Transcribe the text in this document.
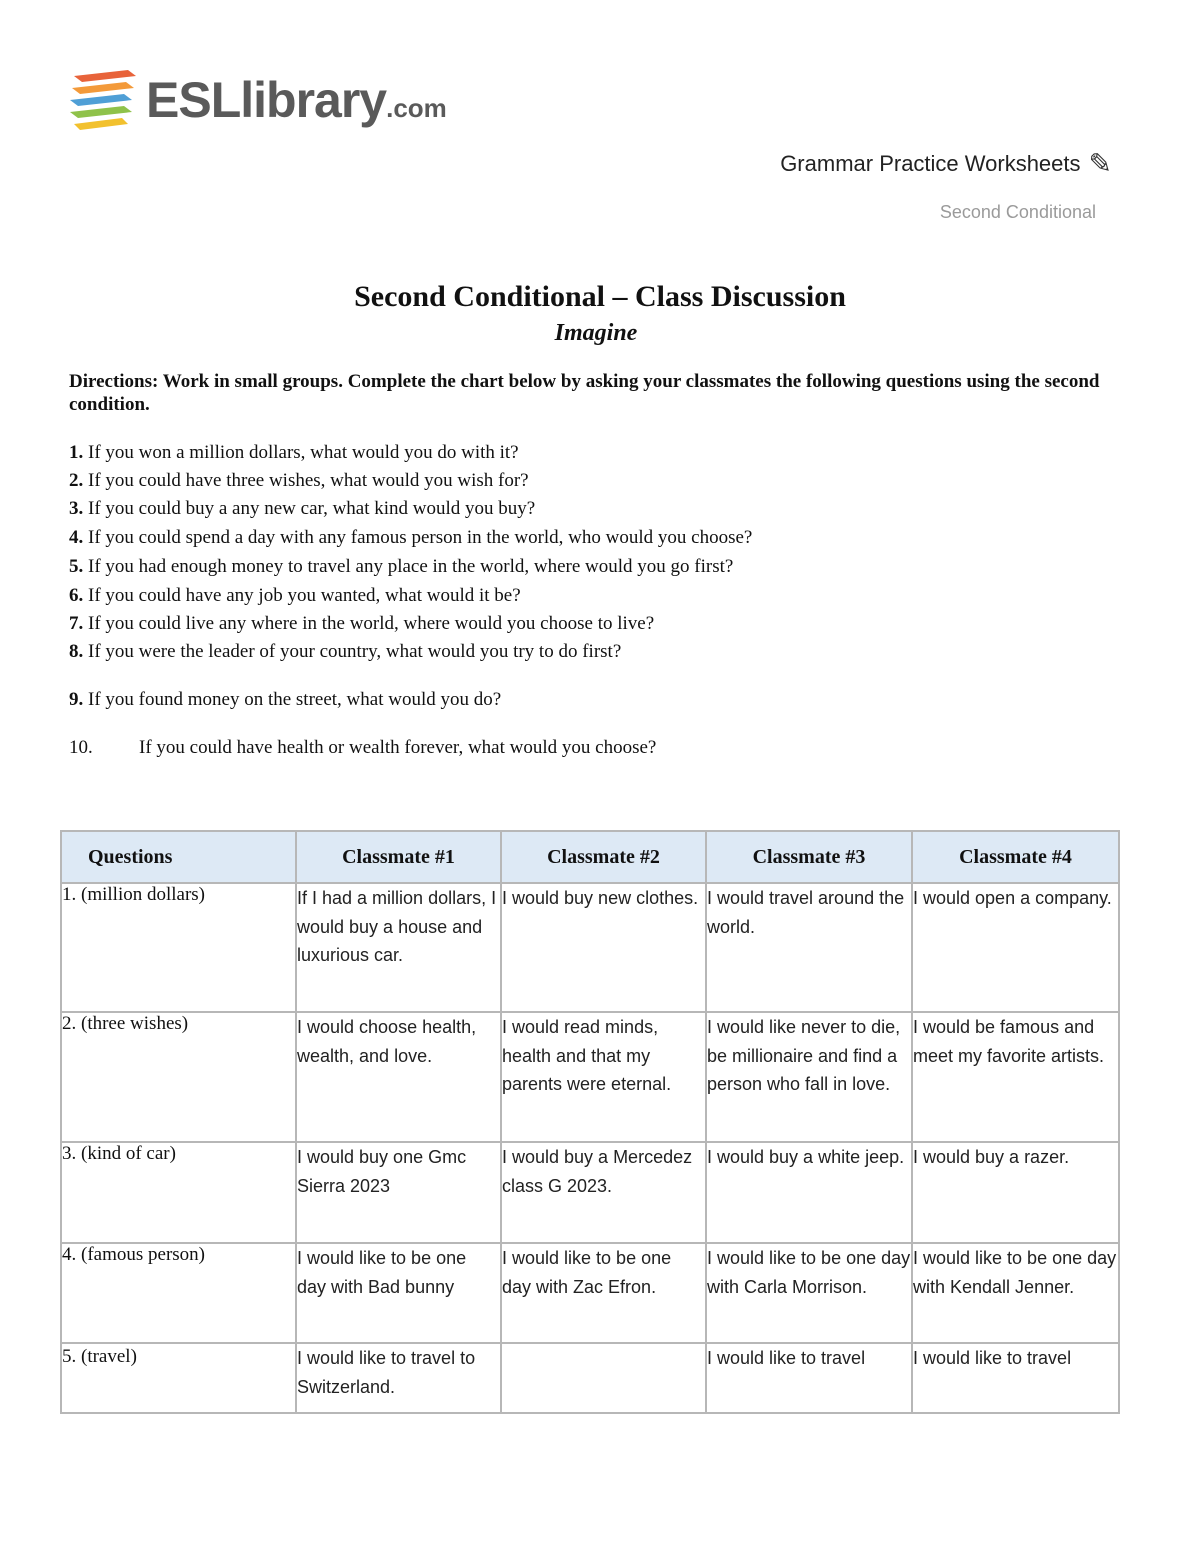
ESLlibrary.com
Grammar Practice Worksheets ✎
Second Conditional
Second Conditional – Class Discussion
Imagine
Directions: Work in small groups. Complete the chart below by asking your classmates the following questions using the second condition.
1. If you won a million dollars, what would you do with it?
2. If you could have three wishes, what would you wish for?
3. If you could buy a any new car, what kind would you buy?
4. If you could spend a day with any famous person in the world, who would you choose?
5. If you had enough money to travel any place in the world, where would you go first?
6. If you could have any job you wanted, what would it be?
7. If you could live any where in the world, where would you choose to live?
8. If you were the leader of your country, what would you try to do first?
9. If you found money on the street, what would you do?
10. If you could have health or wealth forever, what would you choose?
Questions	Classmate #1	Classmate #2	Classmate #3	Classmate #4
1. (million dollars)	If I had a million dollars, I would buy a house and luxurious car.	I would buy new clothes.	I would travel around the world.	I would open a company.
2. (three wishes)	I would choose health, wealth, and love.	I would read minds, health and that my parents were eternal.	I would like never to die, be millionaire and find a person who fall in love.	I would be famous and meet my favorite artists.
3. (kind of car)	I would buy one Gmc Sierra 2023	I would buy a Mercedez class G 2023.	I would buy a white jeep.	I would buy a razer.
4. (famous person)	I would like to be one day with Bad bunny	I would like to be one day with Zac Efron.	I would like to be one day with Carla Morrison.	I would like to be one day with Kendall Jenner.
5. (travel)	I would like to travel to Switzerland.		I would like to travel	I would like to travel
